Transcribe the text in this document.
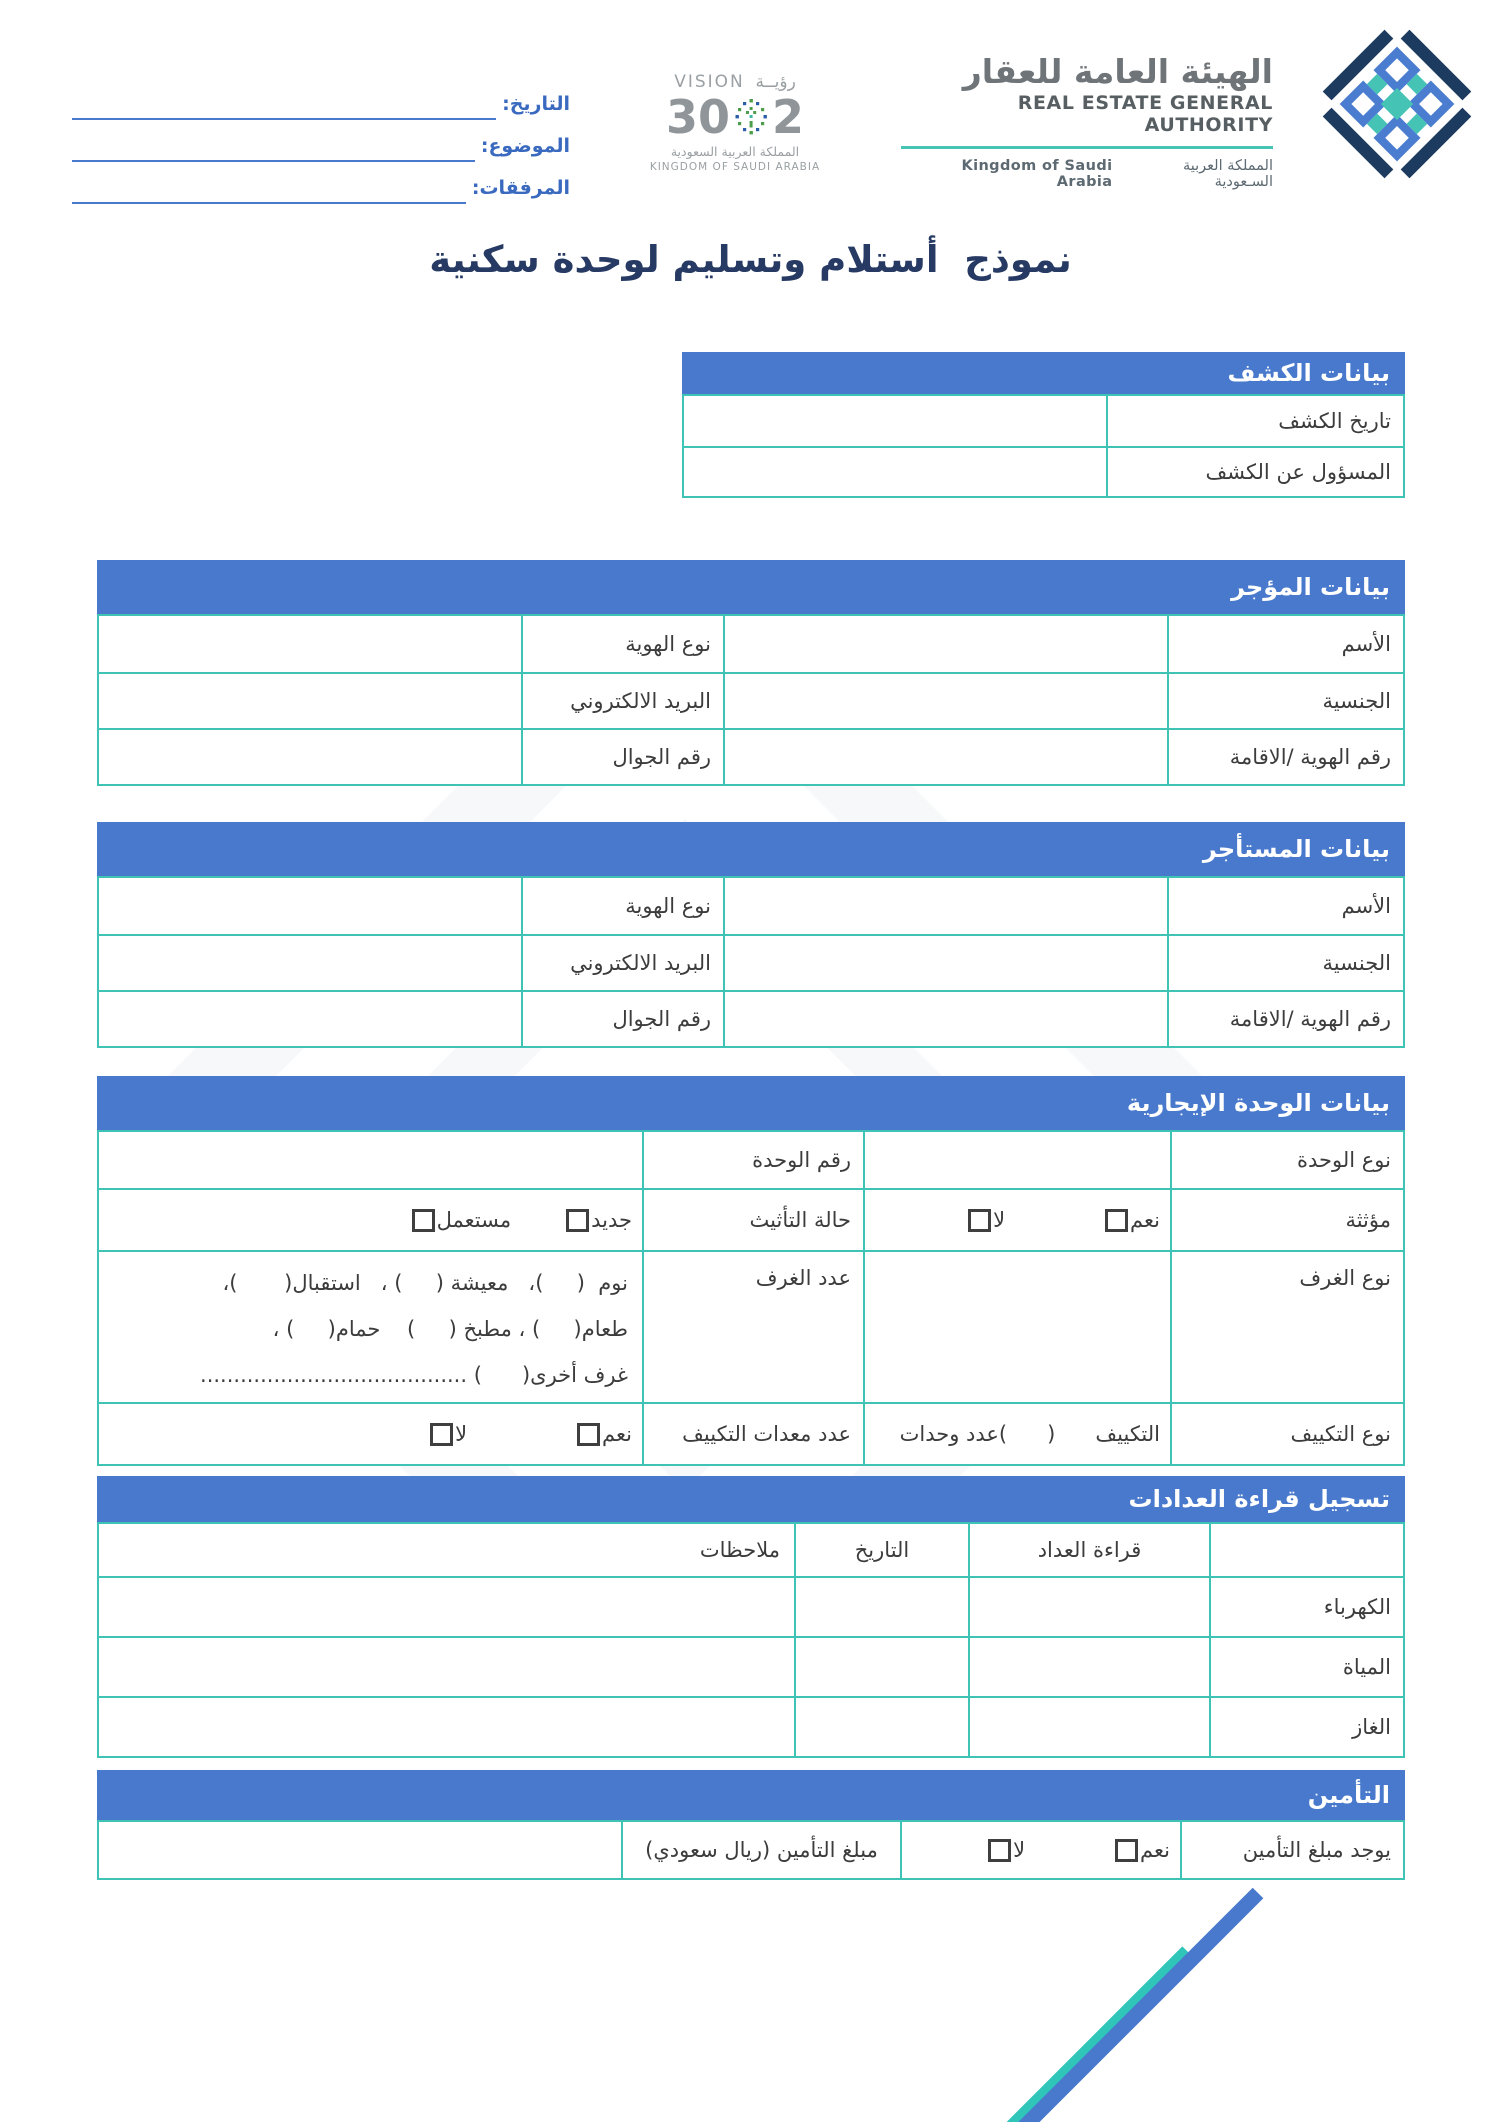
الهيئة العامة للعقار
REAL ESTATE GENERAL AUTHORITY
المملكة العربية السـعودية
Kingdom of Saudi Arabia
رؤيــة  VISION
2
30
المملكة العربية السعودية
KINGDOM OF SAUDI ARABIA
التاريخ:
الموضوع:
المرفقات:
نموذج  أستلام وتسليم لوحدة سكنية
بيانات الكشف
تاريخ الكشف
المسؤول عن الكشف
بيانات المؤجر
الأسم
نوع الهوية
الجنسية
البريد الالكتروني
رقم الهوية /الاقامة
رقم الجوال
بيانات المستأجر
الأسم
نوع الهوية
الجنسية
البريد الالكتروني
رقم الهوية /الاقامة
رقم الجوال
بيانات الوحدة الإيجارية
نوع الوحدة
رقم الوحدة
مؤثثة
نعم
لا
حالة التأثيث
جديد
مستعمل
نوع الغرف
عدد الغرف
نوم  (     )،   معيشة (     ) ،   استقبال(       )،
طعام(     ) ، مطبخ (     )    حمام(     ) ،
غرف أخرى(      ) ........................................
نوع التكييف
التكييف      (      )عدد وحدات
عدد معدات التكييف
نعم
لا
تسجيل قراءة العدادات
قراءة العداد
التاريخ
ملاحظات
الكهرباء
المياة
الغاز
التأمين
يوجد مبلغ التأمين
نعم
لا
مبلغ التأمين (ريال سعودي)
